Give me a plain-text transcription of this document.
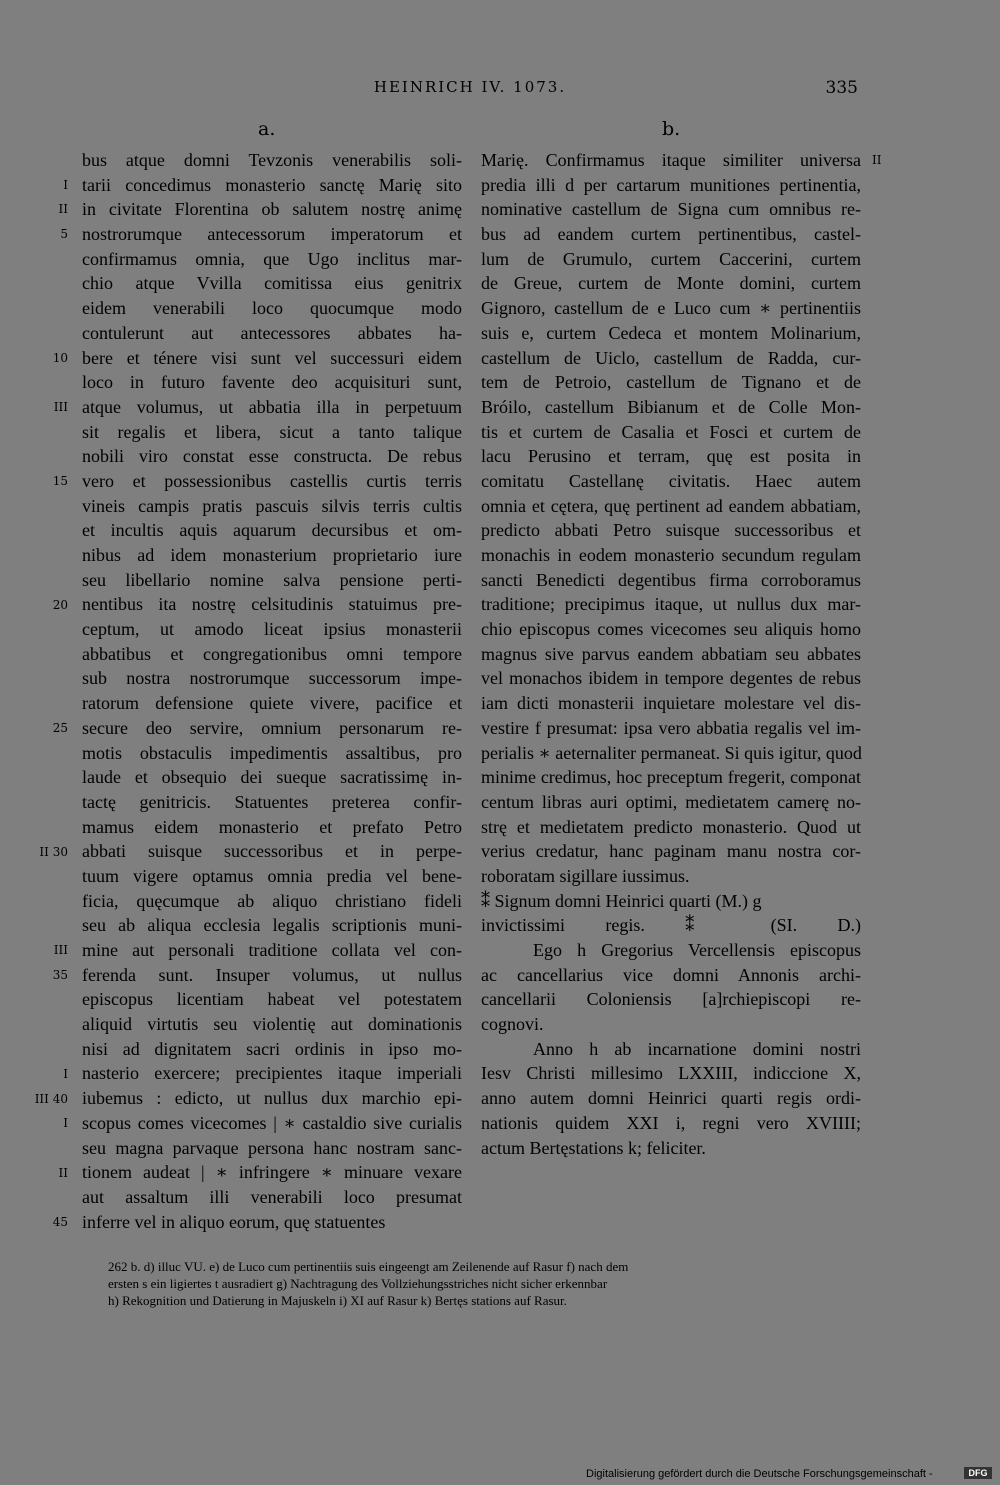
HEINRICH IV. 1073.	335
a.	b.
bus atque domni Tevzonis venerabilis soli-
tarii concedimus monasterio sanctę Marię sito
in civitate Florentina ob salutem nostrę animę
nostrorumque antecessorum imperatorum et
confirmamus omnia, que Ugo inclitus mar-
chio atque Vvilla comitissa eius genitrix
eidem venerabili loco quocumque modo
contulerunt aut antecessores abbates ha-
bere et ténere visi sunt vel successuri eidem
loco in futuro favente deo acquisituri sunt,
atque volumus, ut abbatia illa in perpetuum
sit regalis et libera, sicut a tanto talique
nobili viro constat esse constructa. De rebus
vero et possessionibus castellis curtis terris
vineis campis pratis pascuis silvis terris cultis
et incultis aquis aquarum decursibus et om-
nibus ad idem monasterium proprietario iure
seu libellario nomine salva pensione perti-
nentibus ita nostrę celsitudinis statuimus pre-
ceptum, ut amodo liceat ipsius monasterii
abbatibus et congregationibus omni tempore
sub nostra nostrorumque successorum impe-
ratorum defensione quiete vivere, pacifice et
secure deo servire, omnium personarum re-
motis obstaculis impedimentis assaltibus, pro
laude et obsequio dei sueque sacratissimę in-
tactę genitricis. Statuentes preterea confir-
mamus eidem monasterio et prefato Petro
abbati suisque successoribus et in perpe-
tuum vigere optamus omnia predia vel bene-
ficia, quęcumque ab aliquo christiano fideli
seu ab aliqua ecclesia legalis scriptionis muni-
mine aut personali traditione collata vel con-
ferenda sunt. Insuper volumus, ut nullus
episcopus licentiam habeat vel potestatem
aliquid virtutis seu violentię aut dominationis
nisi ad dignitatem sacri ordinis in ipso mo-
nasterio exercere; precipientes itaque imperiali
iubemus : edicto, ut nullus dux marchio epi-
scopus comes vicecomes | ∗ castaldio sive curialis
seu magna parvaque persona hanc nostram sanc-
tionem audeat | ∗ infringere ∗ minuare vexare
aut assaltum illi venerabili loco presumat
inferre vel in aliquo eorum, quę statuentes
Marię. Confirmamus itaque similiter universa
predia illi d per cartarum munitiones pertinentia,
nominative castellum de Signa cum omnibus re-
bus ad eandem curtem pertinentibus, castel-
lum de Grumulo, curtem Caccerini, curtem
de Greue, curtem de Monte domini, curtem
Gignoro, castellum de e Luco cum ∗ pertinentiis
suis e, curtem Cedeca et montem Molinarium,
castellum de Uiclo, castellum de Radda, cur-
tem de Petroio, castellum de Tignano et de
Bróilo, castellum Bibianum et de Colle Mon-
tis et curtem de Casalia et Fosci et curtem de
lacu Perusino et terram, quę est posita in
comitatu Castellanę civitatis. Haec autem
omnia et cętera, quę pertinent ad eandem abbatiam,
predicto abbati Petro suisque successoribus et
monachis in eodem monasterio secundum regulam
sancti Benedicti degentibus firma corroboramus
traditione; precipimus itaque, ut nullus dux mar-
chio episcopus comes vicecomes seu aliquis homo
magnus sive parvus eandem abbatiam seu abbates
vel monachos ibidem in tempore degentes de rebus
iam dicti monasterii inquietare molestare vel dis-
vestire f presumat: ipsa vero abbatia regalis vel im-
perialis ∗ aeternaliter permaneat. Si quis igitur, quod
minime credimus, hoc preceptum fregerit, componat
centum libras auri optimi, medietatem camerę no-
strę et medietatem predicto monasterio. Quod ut
verius credatur, hanc paginam manu nostra cor-
roboratam sigillare iussimus.
⁑ Signum domni Heinrici quarti (M.) g
invictissimi regis. ⁑ (SI. D.)
Ego h Gregorius Vercellensis episcopus
ac cancellarius vice domni Annonis archi-
cancellarii Coloniensis [a]rchiepiscopi re-
cognovi.
Anno h ab incarnatione domini nostri
Iesv Christi millesimo LXXIII, indiccione X,
anno autem domni Heinrici quarti regis ordi-
nationis quidem XXI i, regni vero XVIIII;
actum Bertęstations k; feliciter.
I
II
5
10
III
15
20
25
II 30
III
35
I
III 40
I
II
45
II
262 b. d) illuc VU. e) de Luco cum pertinentiis suis eingeengt am Zeilenende auf Rasur f) nach dem
ersten s ein ligiertes t ausradiert g) Nachtragung des Vollziehungsstriches nicht sicher erkennbar
h) Rekognition und Datierung in Majuskeln i) XI auf Rasur k) Bertęs stations auf Rasur.
Digitalisierung gefördert durch die Deutsche Forschungsgemeinschaft -	DFG
